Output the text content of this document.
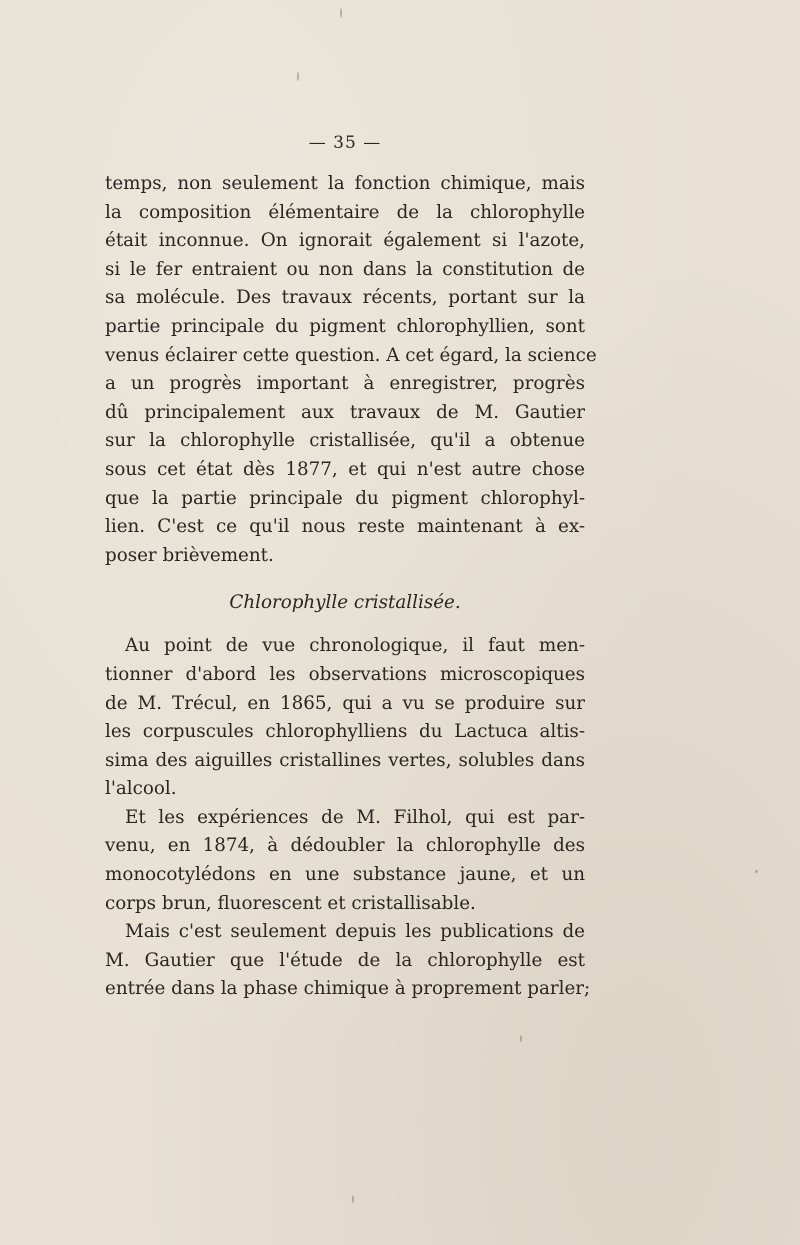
— 35 —
temps, non seulement la fonction chimique, mais
la composition élémentaire de la chlorophylle
était inconnue. On ignorait également si l'azote,
si le fer entraient ou non dans la constitution de
sa molécule. Des travaux récents, portant sur la
partie principale du pigment chlorophyllien, sont
venus éclairer cette question. A cet égard, la science
a un progrès important à enregistrer, progrès
dû principalement aux travaux de M. Gautier
sur la chlorophylle cristallisée, qu'il a obtenue
sous cet état dès 1877, et qui n'est autre chose
que la partie principale du pigment chlorophyl-
lien. C'est ce qu'il nous reste maintenant à ex-
poser brièvement.
Chlorophylle cristallisée.
Au point de vue chronologique, il faut men-
tionner d'abord les observations microscopiques
de M. Trécul, en 1865, qui a vu se produire sur
les corpuscules chlorophylliens du Lactuca altis-
sima des aiguilles cristallines vertes, solubles dans
l'alcool.
Et les expériences de M. Filhol, qui est par-
venu, en 1874, à dédoubler la chlorophylle des
monocotylédons en une substance jaune, et un
corps brun, fluorescent et cristallisable.
Mais c'est seulement depuis les publications de
M. Gautier que l'étude de la chlorophylle est
entrée dans la phase chimique à proprement parler;
